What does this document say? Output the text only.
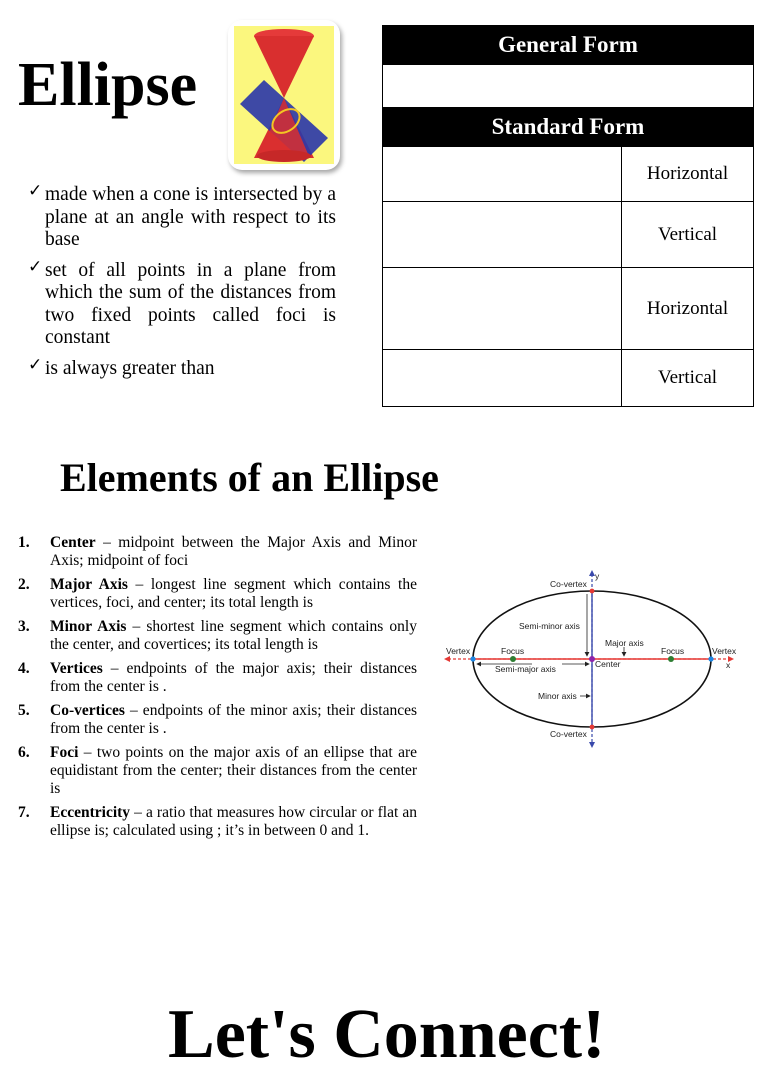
Ellipse
✓ made when a cone is intersected by a plane at an angle with respect to its base
✓ set of all points in a plane from which the sum of the distances from two fixed points called foci is constant
✓ is always greater than
General Form	

Standard Form	
	Horizontal
	Vertical
	Horizontal
	Vertical
Elements of an Ellipse
1. Center – midpoint between the Major Axis and Minor Axis; midpoint of foci
2. Major Axis – longest line segment which contains the vertices, foci, and center; its total length is
3. Minor Axis – shortest line segment which contains only the center, and covertices; its total length is
4. Vertices – endpoints of the major axis; their distances from the center is .
5. Co-vertices – endpoints of the minor axis; their distances from the center is .
6. Foci – two points on the major axis of an ellipse that are equidistant from the center; their distances from the center is
7. Eccentricity – a ratio that measures how circular or flat an ellipse is; calculated using ; it’s in between 0 and 1.
Co-vertex
Co-vertex
Vertex	Vertex
Focus	Focus
Center
Semi-minor axis
Semi-major axis
Major axis
Minor axis
x
y
Let's Connect!
